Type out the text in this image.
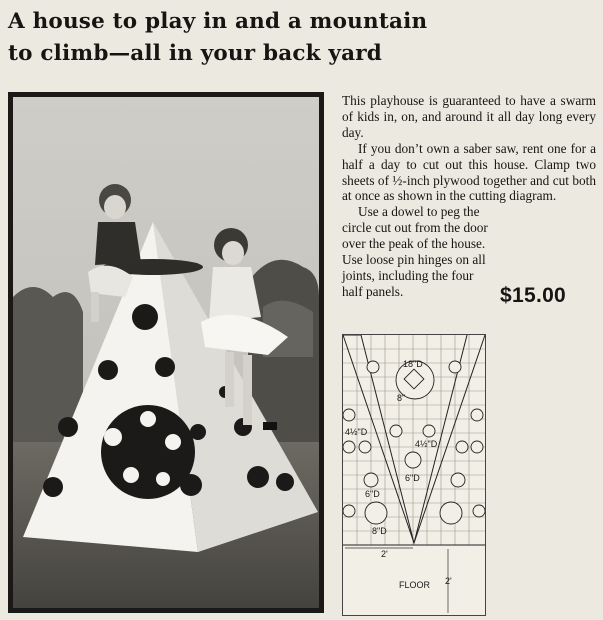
A house to play in and a mountain
to climb—all in your back yard

This playhouse is guaranteed to have a swarm of kids in, on, and around it all day long every day.

If you don’t own a saber saw, rent one for a half a day to cut out this house. Clamp two sheets of ½-inch plywood together and cut both at once as shown in the cutting diagram.

Use a dowel to peg the circle cut out from the door over the peak of the house. Use loose pin hinges on all joints, including the four half panels.	$15.00
18"D
8"
4½"D
4½"D
6"D
6"D
8"D
2'
FLOOR 2'
